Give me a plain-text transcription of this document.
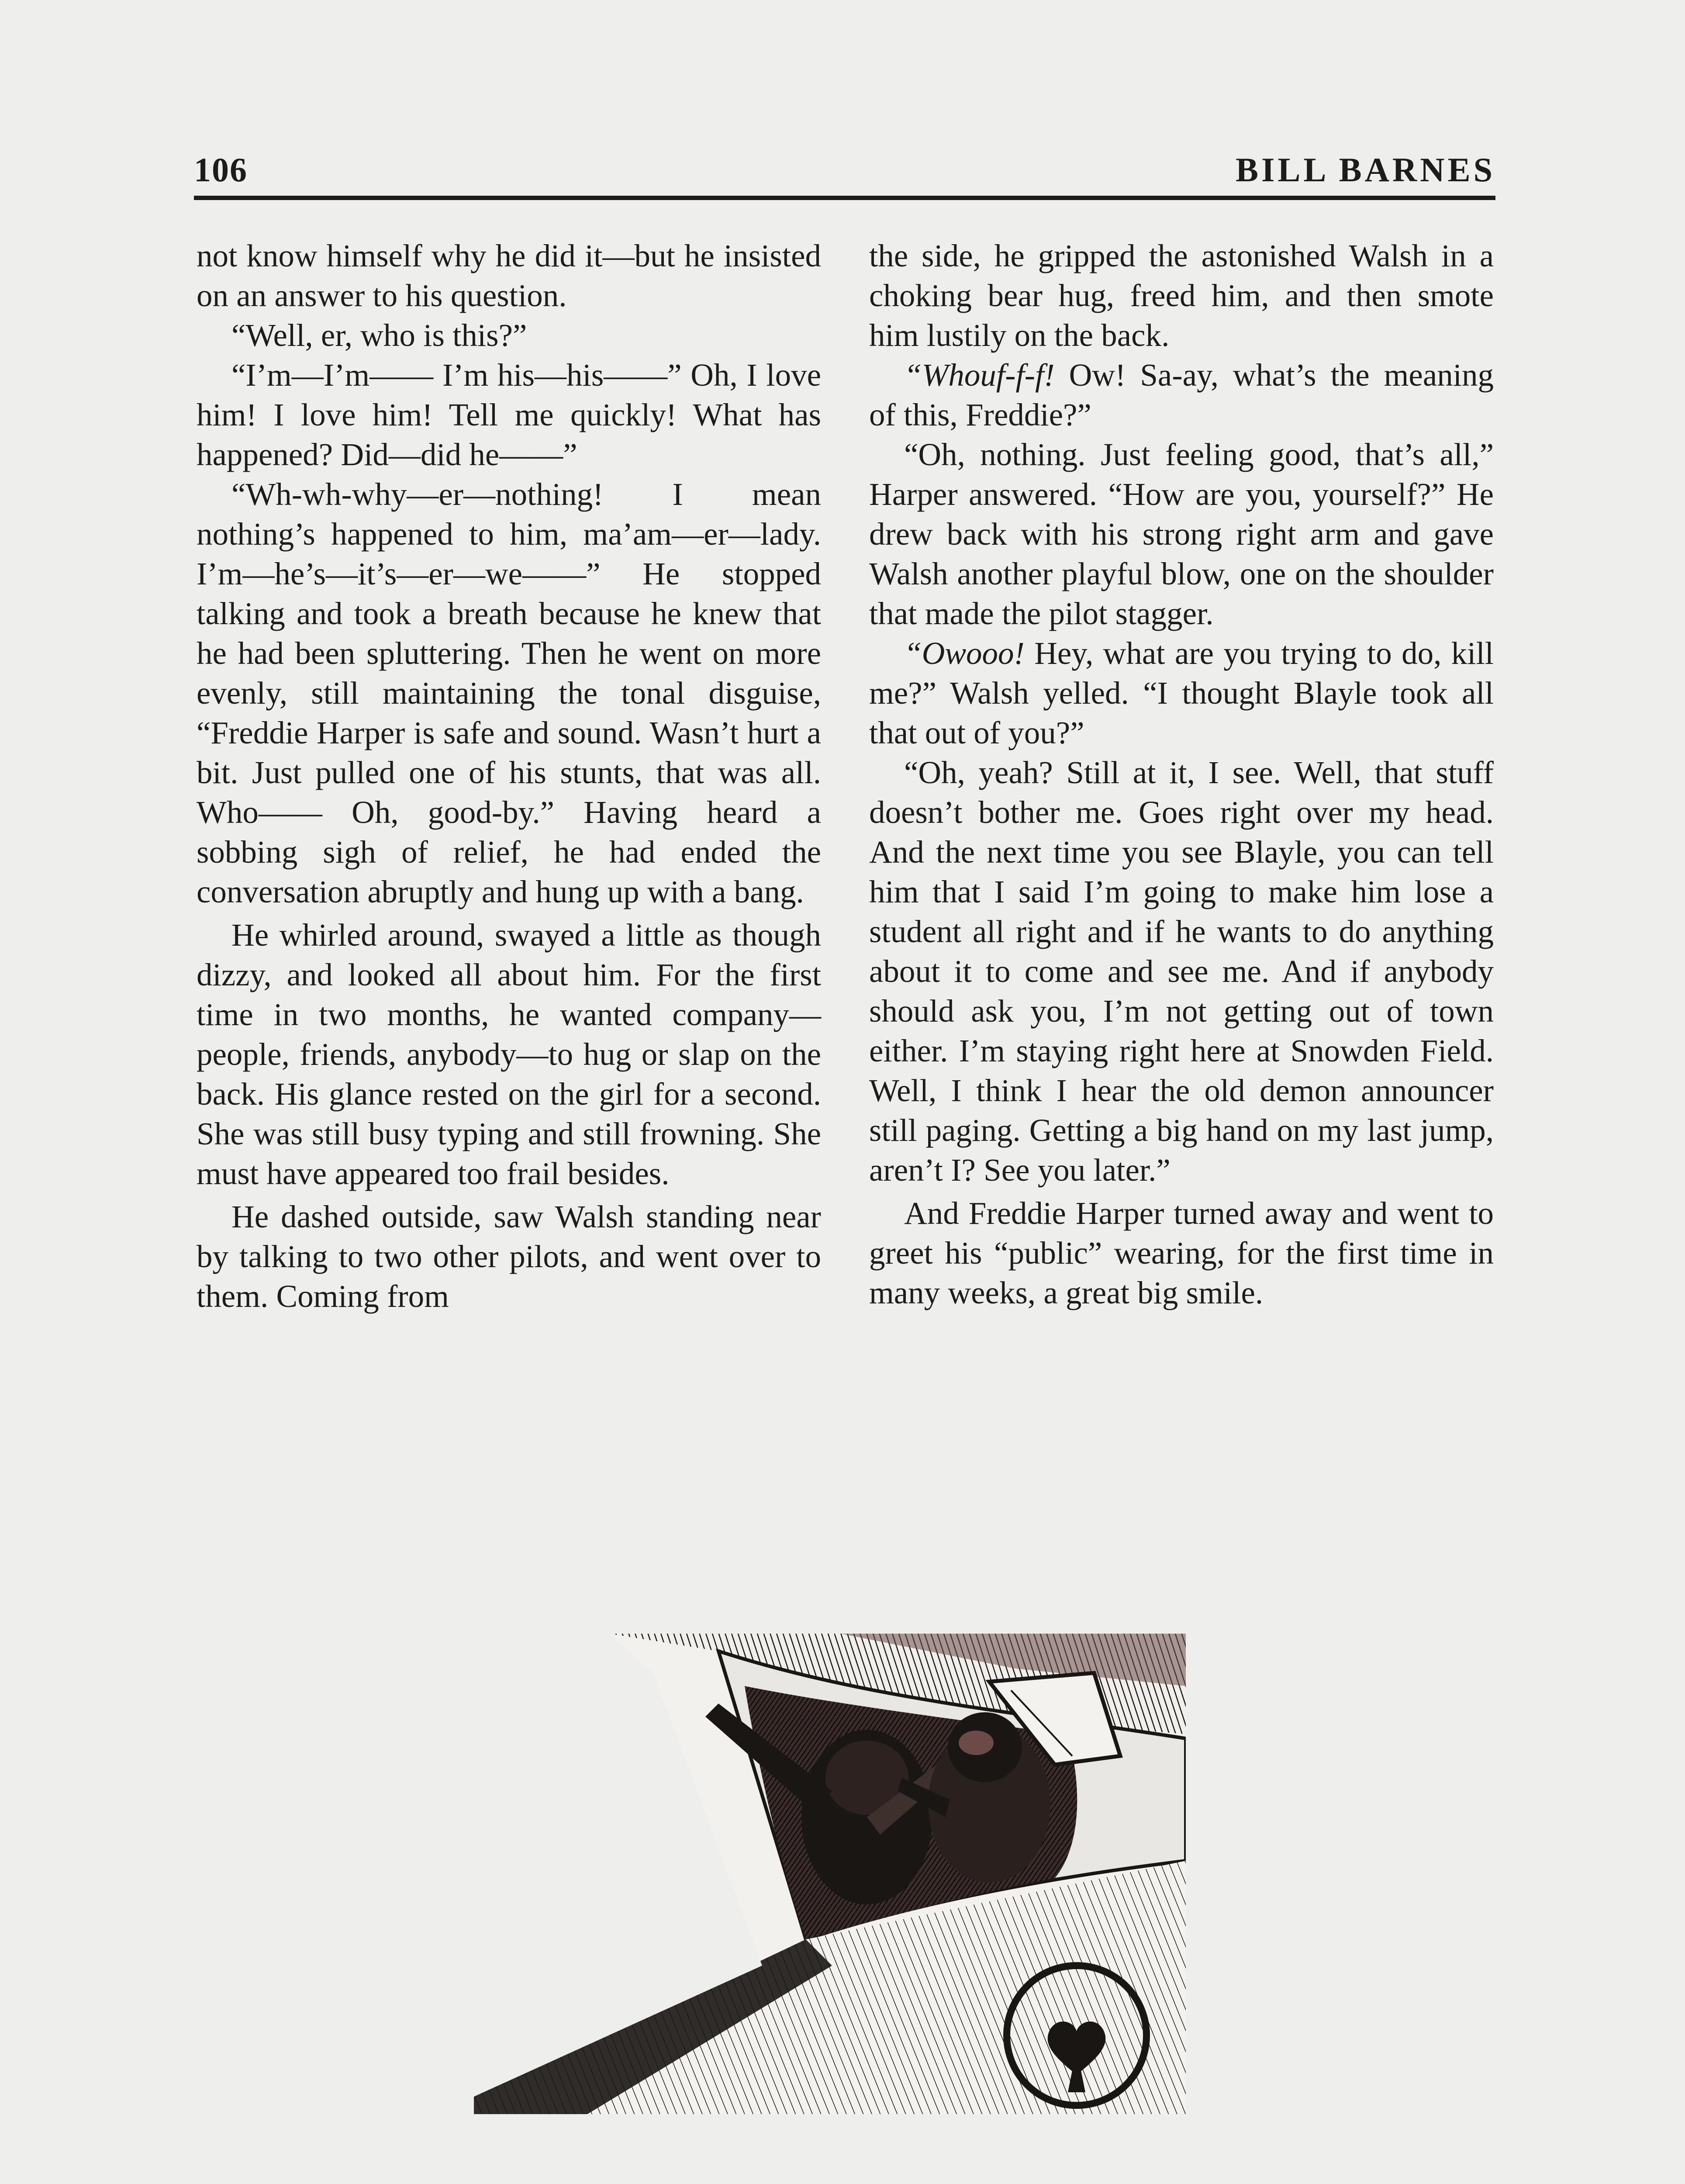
106	BILL BARNES

not know himself why he did it—but he insisted on an answer to his question.

“Well, er, who is this?”

“I’m—I’m—— I’m his—his——” Oh, I love him! I love him! Tell me quickly! What has happened? Did—did he——”

“Wh-wh-why—er—nothing! I mean nothing’s happened to him, ma’am—er—lady. I’m—he’s—it’s—er—we——” He stopped talking and took a breath because he knew that he had been spluttering. Then he went on more evenly, still maintaining the tonal disguise, “Freddie Harper is safe and sound. Wasn’t hurt a bit. Just pulled one of his stunts, that was all. Who—— Oh, good-by.” Having heard a sobbing sigh of relief, he had ended the conversation abruptly and hung up with a bang.

He whirled around, swayed a little as though dizzy, and looked all about him. For the first time in two months, he wanted company—people, friends, anybody—to hug or slap on the back. His glance rested on the girl for a second. She was still busy typing and still frowning. She must have appeared too frail besides.

He dashed outside, saw Walsh standing near by talking to two other pilots, and went over to them. Coming from

the side, he gripped the astonished Walsh in a choking bear hug, freed him, and then smote him lustily on the back.

“Whouf-f-f! Ow! Sa-ay, what’s the meaning of this, Freddie?”

“Oh, nothing. Just feeling good, that’s all,” Harper answered. “How are you, yourself?” He drew back with his strong right arm and gave Walsh another playful blow, one on the shoulder that made the pilot stagger.

“Owooo! Hey, what are you trying to do, kill me?” Walsh yelled. “I thought Blayle took all that out of you?”

“Oh, yeah? Still at it, I see. Well, that stuff doesn’t bother me. Goes right over my head. And the next time you see Blayle, you can tell him that I said I’m going to make him lose a student all right and if he wants to do anything about it to come and see me. And if anybody should ask you, I’m not getting out of town either. I’m staying right here at Snowden Field. Well, I think I hear the old demon announcer still paging. Getting a big hand on my last jump, aren’t I? See you later.”

And Freddie Harper turned away and went to greet his “public” wearing, for the first time in many weeks, a great big smile.
